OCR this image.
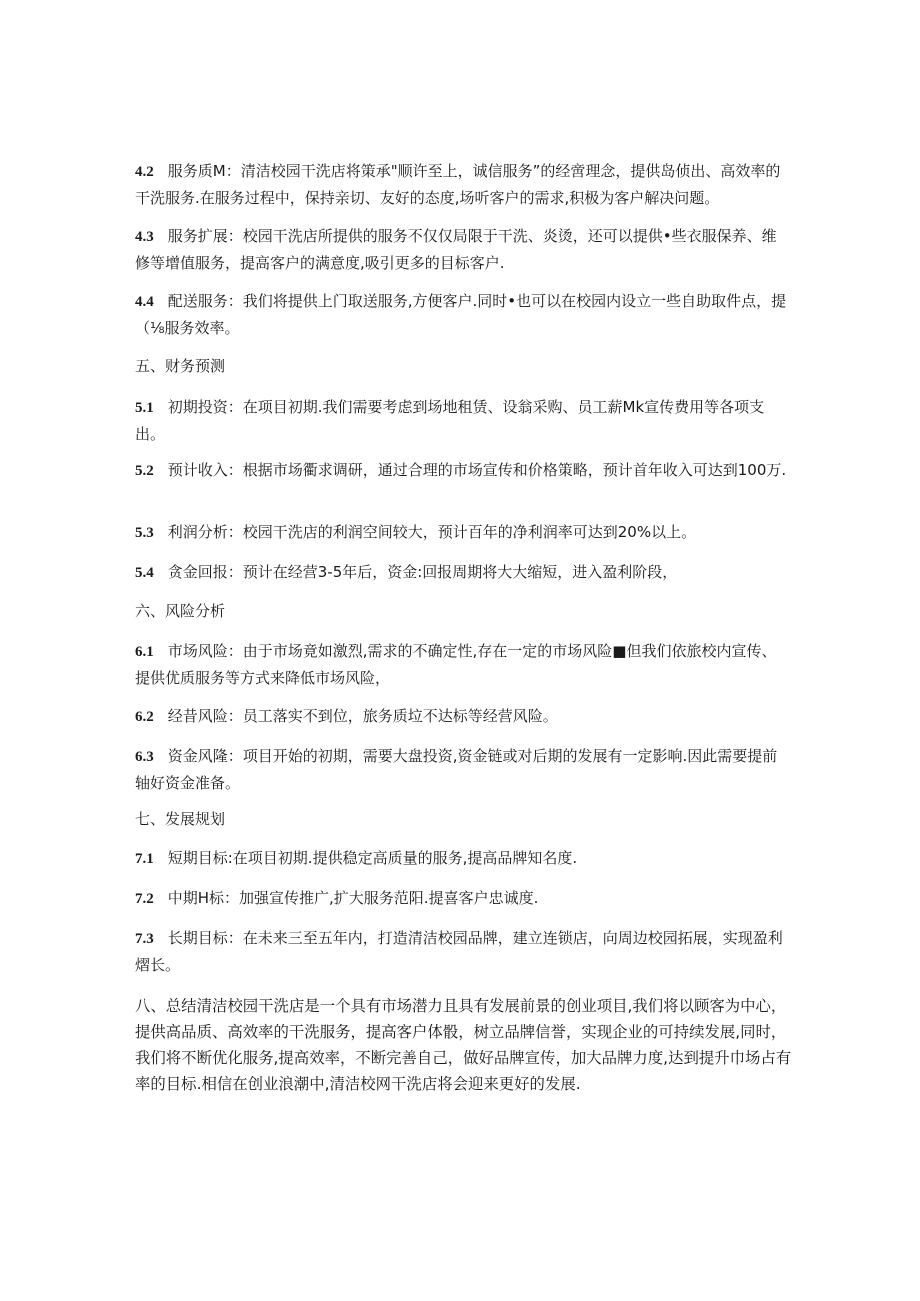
4.2 服务质M：清洁校园干洗店将策承"顺许至上，诚信服务”的经啻理念，提供岛侦出、高效率的干洗服务.在服务过程中，保持亲切、友好的态度,场听客户的需求,积极为客户解决问题。
4.3 服务扩展：校园干洗店所提供的服务不仅仅局限于干洗、炎烫，还可以提供•些衣服保养、维修等增值服务，提高客户的满意度,吸引更多的目标客户.
4.4 配送服务：我们将提供上门取送服务,方便客户.同时•也可以在校园内设立一些自助取件点，提（⅛服务效率。
五、财务预测
5.1 初期投资：在项目初期.我们需要考虑到场地租赁、设翁采购、员工薪Mk宣传费用等各项支出。
5.2 预计收入：根据市场衢求调研，通过合理的市场宣传和价格策略，预计首年收入可达到100万.
5.3 利润分析：校园干洗店的利润空间较大，预计百年的净利润率可达到20%以上。
5.4 贪金回报：预计在经营3-5年后，资金:回报周期将大大缩短，进入盈利阶段，
六、风险分析
6.1 市场风险：由于市场竟如激烈,需求的不确定性,存在一定的市场风险■但我们依旅校内宣传、提供优质服务等方式来降低市场风险，
6.2 经昔风险：员工落实不到位，旅务质垃不达标等经营风险。
6.3 资金风隆：项目开始的初期，需要大盘投资,资金链或对后期的发展有一定影响.因此需要提前轴好资金准备。
七、发展规划
7.1 短期目标:在项目初期.提供稳定高质量的服务,提高品牌知名度.
7.2 中期H标：加强宣传推广,扩大服务范阳.提喜客户忠诚度.
7.3 长期目标：在未来三至五年内，打造清洁校园品牌，建立连锁店，向周边校园拓展，实现盈利熠长。
八、总结清洁校园干洗店是一个具有市场潜力且具有发展前景的创业项目,我们将以顾客为中心，提供高品质、高效率的干洗服务，提高客户体骰，树立品牌信誉，实现企业的可持续发展,同时，我们将不断优化服务,提高效率，不断完善自己，做好品牌宣传，加大品牌力度,达到提升巾场占有率的目标.相信在创业浪潮中,清洁校网干洗店将会迎来更好的发展.
